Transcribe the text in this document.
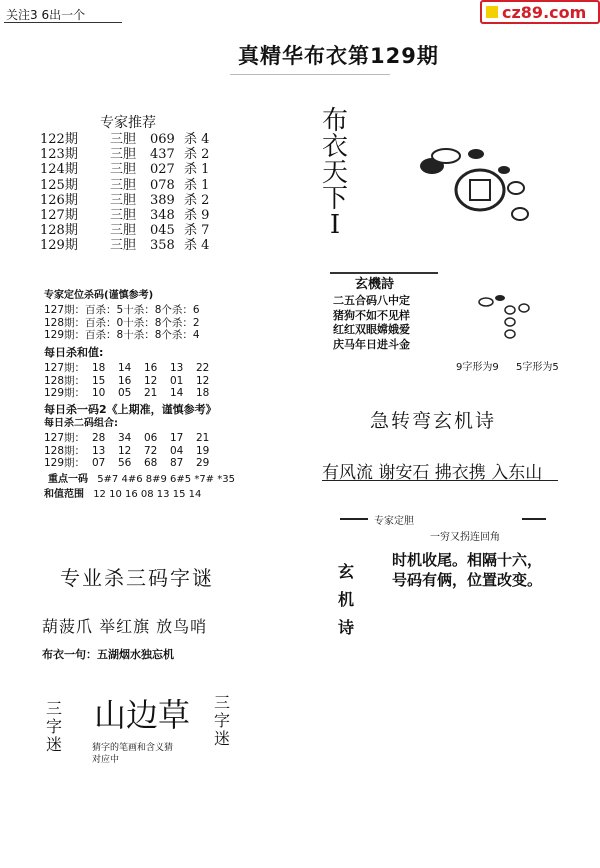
关注3 6出一个	cz89.com
真精华布衣第129期
专家推荐
122期	三胆	069 杀 4
123期	三胆	437 杀 2
124期	三胆	027 杀 1
125期	三胆	078 杀 1
126期	三胆	389 杀 2
127期	三胆	348 杀 9
128期	三胆	045 杀 7
129期	三胆	358 杀 4
专家定位杀码(谨慎参考)
127期：百杀：5十杀：8个杀：6
128期：百杀：0十杀：8个杀：2
129期：百杀：8十杀：8个杀：4
每日杀和值:
127期： 18	14	16	13	22
128期： 15	16	12	01	12
129期： 10	05	21	14	18
每日杀一码2《上期准，谨慎参考》
每日杀二码组合:
127期： 28	34	06	17	21
128期： 13	12	72	04	19
129期： 07	56	68	87	29
重点一码 5#7 4#6 8#9 6#5 *7# *35
和值范围 12 10 16 08 13 15 14
布
衣
天
下
I
玄機詩
二五合码八中定
猪狗不如不见样
红红双眼嫦娥爱
庆马年日进斗金
9字形为9 5字形为5
急转弯玄机诗
有风流 谢安石 拂衣携 入东山
专家定胆
一穷又拐连回角
玄
机
诗
时机收尾。相隔十六，
号码有俩，位置改变。
专业杀三码字谜
葫菠爪 举红旗 放鸟哨
布衣一句：五湖烟水独忘机
三
字
迷
山边草
猜字的笔画和含义猜
对应中
三
字
迷
